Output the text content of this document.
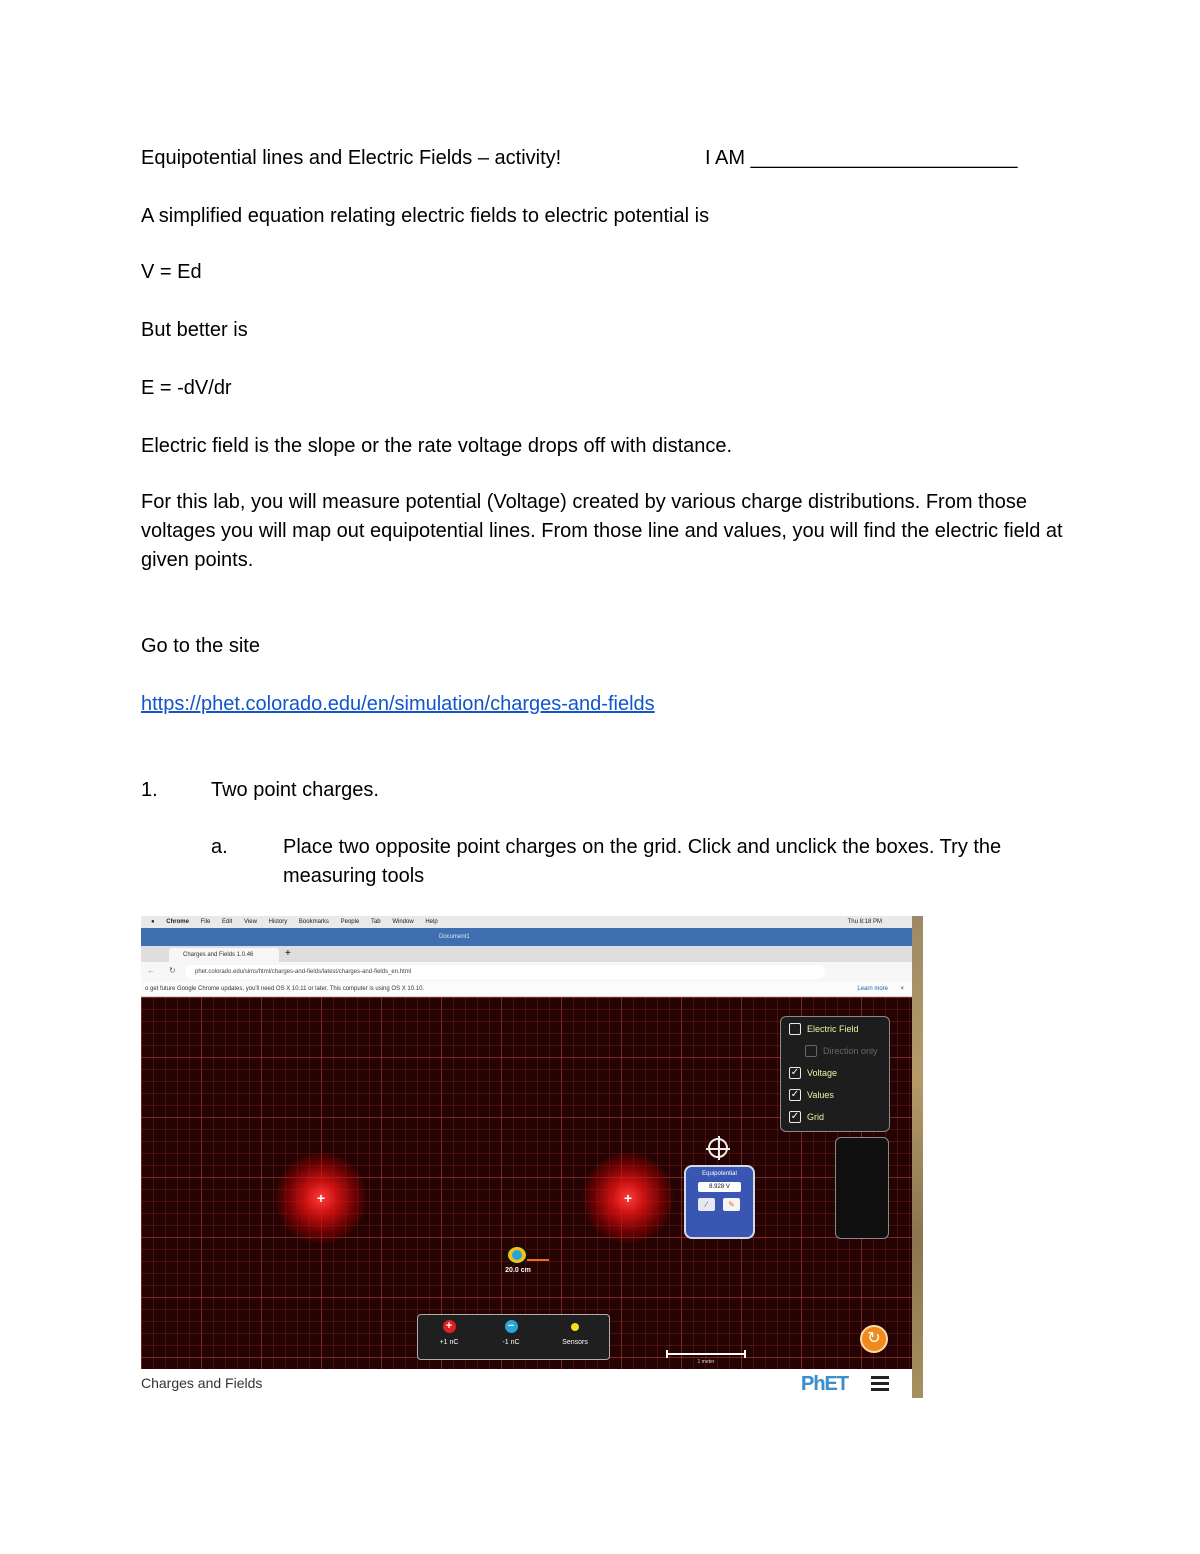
Equipotential lines and Electric Fields – activity!	I AM ________________________
A simplified equation relating electric fields to electric potential is
V = Ed
But better is
E = -dV/dr
Electric field is the slope or the rate voltage drops off with distance.
For this lab, you will measure potential (Voltage) created by various charge distributions. From those voltages you will map out equipotential lines. From those line and values, you will find the electric field at given points.
Go to the site
https://phet.colorado.edu/en/simulation/charges-and-fields
1.	Two point charges.
a.	Place two opposite point charges on the grid. Click and unclick the boxes. Try the measuring tools
● Chrome File Edit View History Bookmarks People Tab Window Help	Thu 8:18 PM
Document1
Charges and Fields 1.0.46	+
← ↻	phet.colorado.edu/sims/html/charges-and-fields/latest/charges-and-fields_en.html
o get future Google Chrome updates, you'll need OS X 10.11 or later. This computer is using OS X 10.10.	Learn more ×
+	+
Electric Field
Direction only
✓ Voltage
✓ Values
✓ Grid
Equipotential
8.928 V
∕	✎
20.0 cm
+
+1 nC
−
-1 nC	Sensors
1 meter
↻
Charges and Fields	PhET
